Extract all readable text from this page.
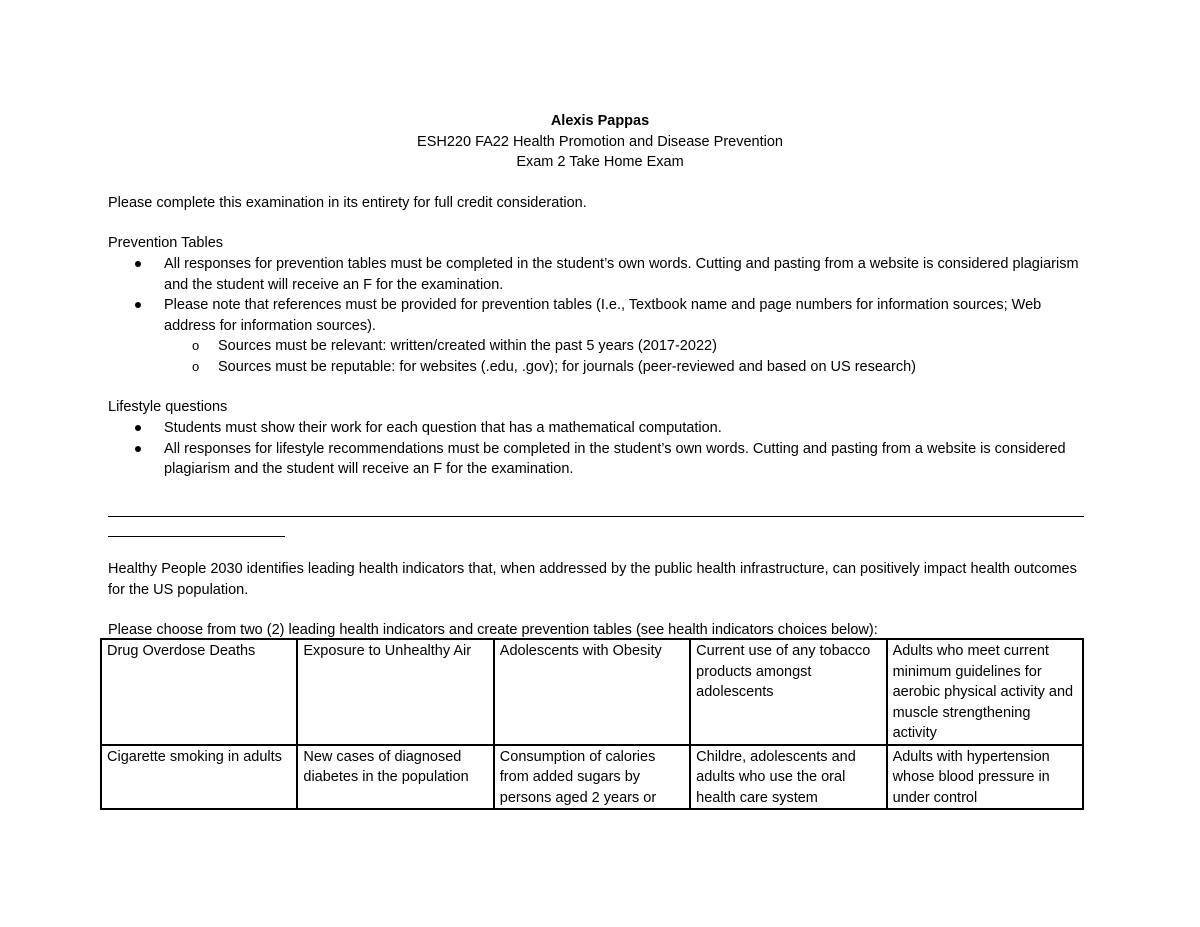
Alexis Pappas
ESH220 FA22 Health Promotion and Disease Prevention
Exam 2 Take Home Exam

Please complete this examination in its entirety for full credit consideration.

Prevention Tables

All responses for prevention tables must be completed in the student’s own words. Cutting and pasting from a website is considered plagiarism and the student will receive an F for the examination.
Please note that references must be provided for prevention tables (I.e., Textbook name and page numbers for information sources; Web address for information sources).
o Sources must be relevant: written/created within the past 5 years (2017-2022)
o Sources must be reputable: for websites (.edu, .gov); for journals (peer-reviewed and based on US research)

Lifestyle questions

Students must show their work for each question that has a mathematical computation.
All responses for lifestyle recommendations must be completed in the student’s own words. Cutting and pasting from a website is considered plagiarism and the student will receive an F for the examination.

Healthy People 2030 identifies leading health indicators that, when addressed by the public health infrastructure, can positively impact health outcomes for the US population.

Please choose from two (2) leading health indicators and create prevention tables (see health indicators choices below):

Drug Overdose Deaths	Exposure to Unhealthy Air	Adolescents with Obesity	Current use of any tobacco products amongst adolescents	Adults who meet current minimum guidelines for aerobic physical activity and muscle strengthening activity
Cigarette smoking in adults	New cases of diagnosed diabetes in the population	Consumption of calories from added sugars by persons aged 2 years or	Childre, adolescents and adults who use the oral health care system	Adults with hypertension whose blood pressure in under control
